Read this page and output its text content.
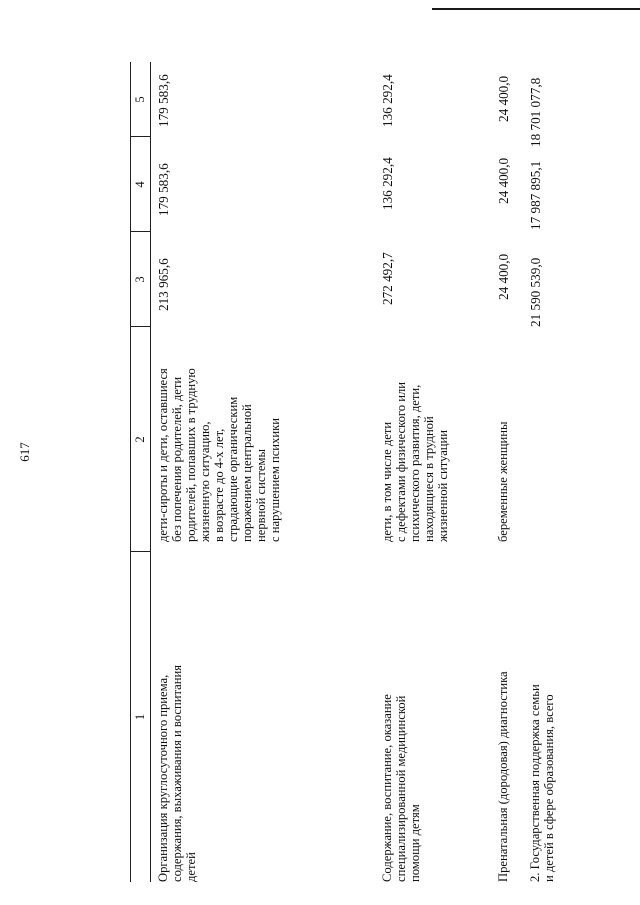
617
1
2
3
4
5
Организация круглосуточного приема, содержания, выхаживания и воспитания детей
дети-сироты и дети, оставшиеся без попечения родителей, дети родителей, попавших в трудную жизненную ситуацию, в возрасте до 4-х лет, страдающие органическим поражением центральной нервной системы с нарушением психики
213 965,6
179 583,6
179 583,6
Содержание, воспитание, оказание специализированной медицинской помощи детям
дети, в том числе дети с дефектами физического или психического развития, дети, находящиеся в трудной жизненной ситуации
272 492,7
136 292,4
136 292,4
Пренатальная (дородовая) диагностика
беременные женщины
24 400,0
24 400,0
24 400,0
2. Государственная поддержка семьи и детей в сфере образования, всего
21 590 539,0
17 987 895,1
18 701 077,8
